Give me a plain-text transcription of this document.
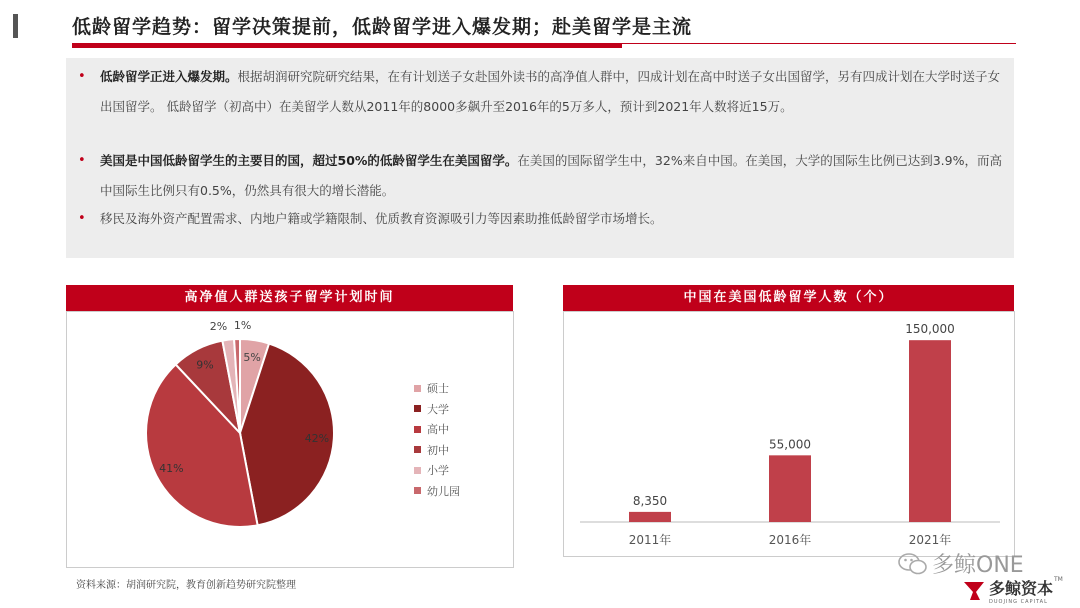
低龄留学趋势：留学决策提前，低龄留学进入爆发期；赴美留学是主流
• 低龄留学正进入爆发期。根据胡润研究院研究结果，在有计划送子女赴国外读书的高净值人群中，四成计划在高中时送子女出国留学，另有四成计划在大学时送子女出国留学。 低龄留学（初高中）在美留学人数从2011年的8000多飙升至2016年的5万多人，预计到2021年人数将近15万。
• 美国是中国低龄留学生的主要目的国，超过50%的低龄留学生在美国留学。在美国的国际留学生中，32%来自中国。在美国，大学的国际生比例已达到3.9%，而高中国际生比例只有0.5%，仍然具有很大的增长潜能。
• 移民及海外资产配置需求、内地户籍或学籍限制、优质教育资源吸引力等因素助推低龄留学市场增长。
高净值人群送孩子留学计划时间
5%
42%
41%
9%
2% 1%
硕士
大学
高中
初中
小学
幼儿园
中国在美国低龄留学人数（个）
8,350
2011年
55,000
2016年
150,000
2021年
资料来源：胡润研究院，教育创新趋势研究院整理
多鲸ONE
多鲸资本
DUOJING CAPITAL
TM
